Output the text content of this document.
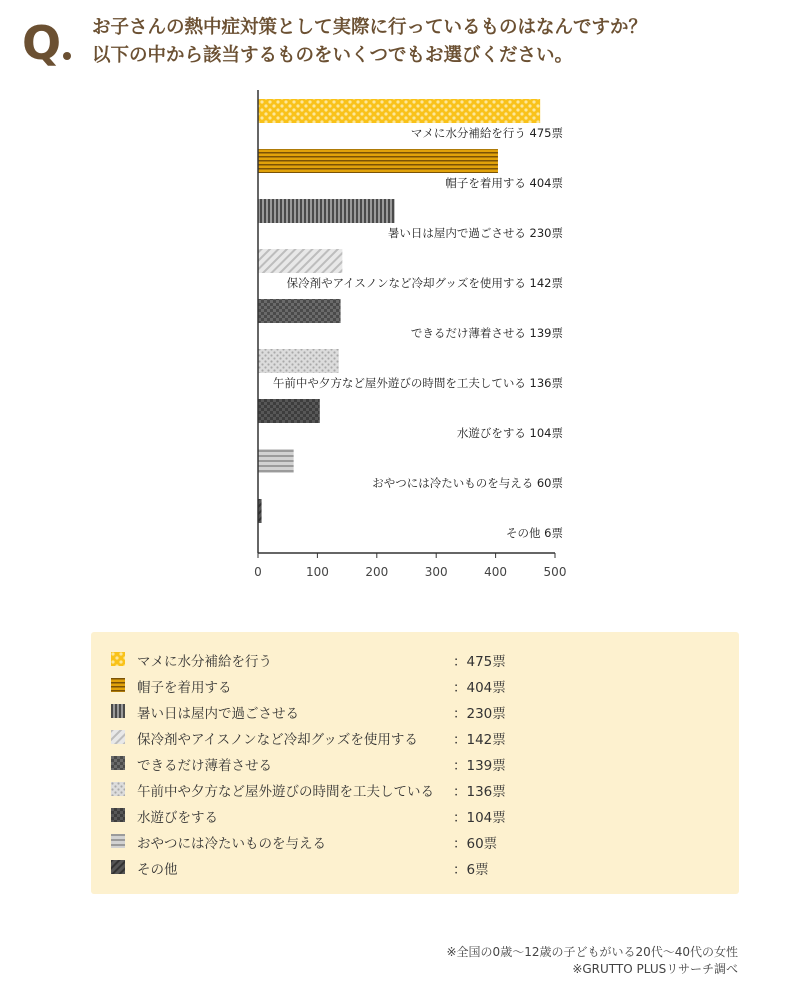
Q お子さんの熱中症対策として実際に行っているものはなんですか？
以下の中から該当するものをいくつでもお選びください。
マメに水分補給を行う 475票
帽子を着用する 404票
暑い日は屋内で過ごさせる 230票
保冷剤やアイスノンなど冷却グッズを使用する 142票
できるだけ薄着させる 139票
午前中や夕方など屋外遊びの時間を工夫している 136票
水遊びをする 104票
おやつには冷たいものを与える 60票
その他 6票
0	100	200	300	400	500
マメに水分補給を行う	：475票
帽子を着用する	：404票
暑い日は屋内で過ごさせる	：230票
保冷剤やアイスノンなど冷却グッズを使用する	：142票
できるだけ薄着させる	：139票
午前中や夕方など屋外遊びの時間を工夫している ：136票
水遊びをする	：104票
おやつには冷たいものを与える	：60票
その他	：6票
※全国の0歳〜12歳の子どもがいる20代〜40代の女性
※GRUTTO PLUSリサーチ調べ
